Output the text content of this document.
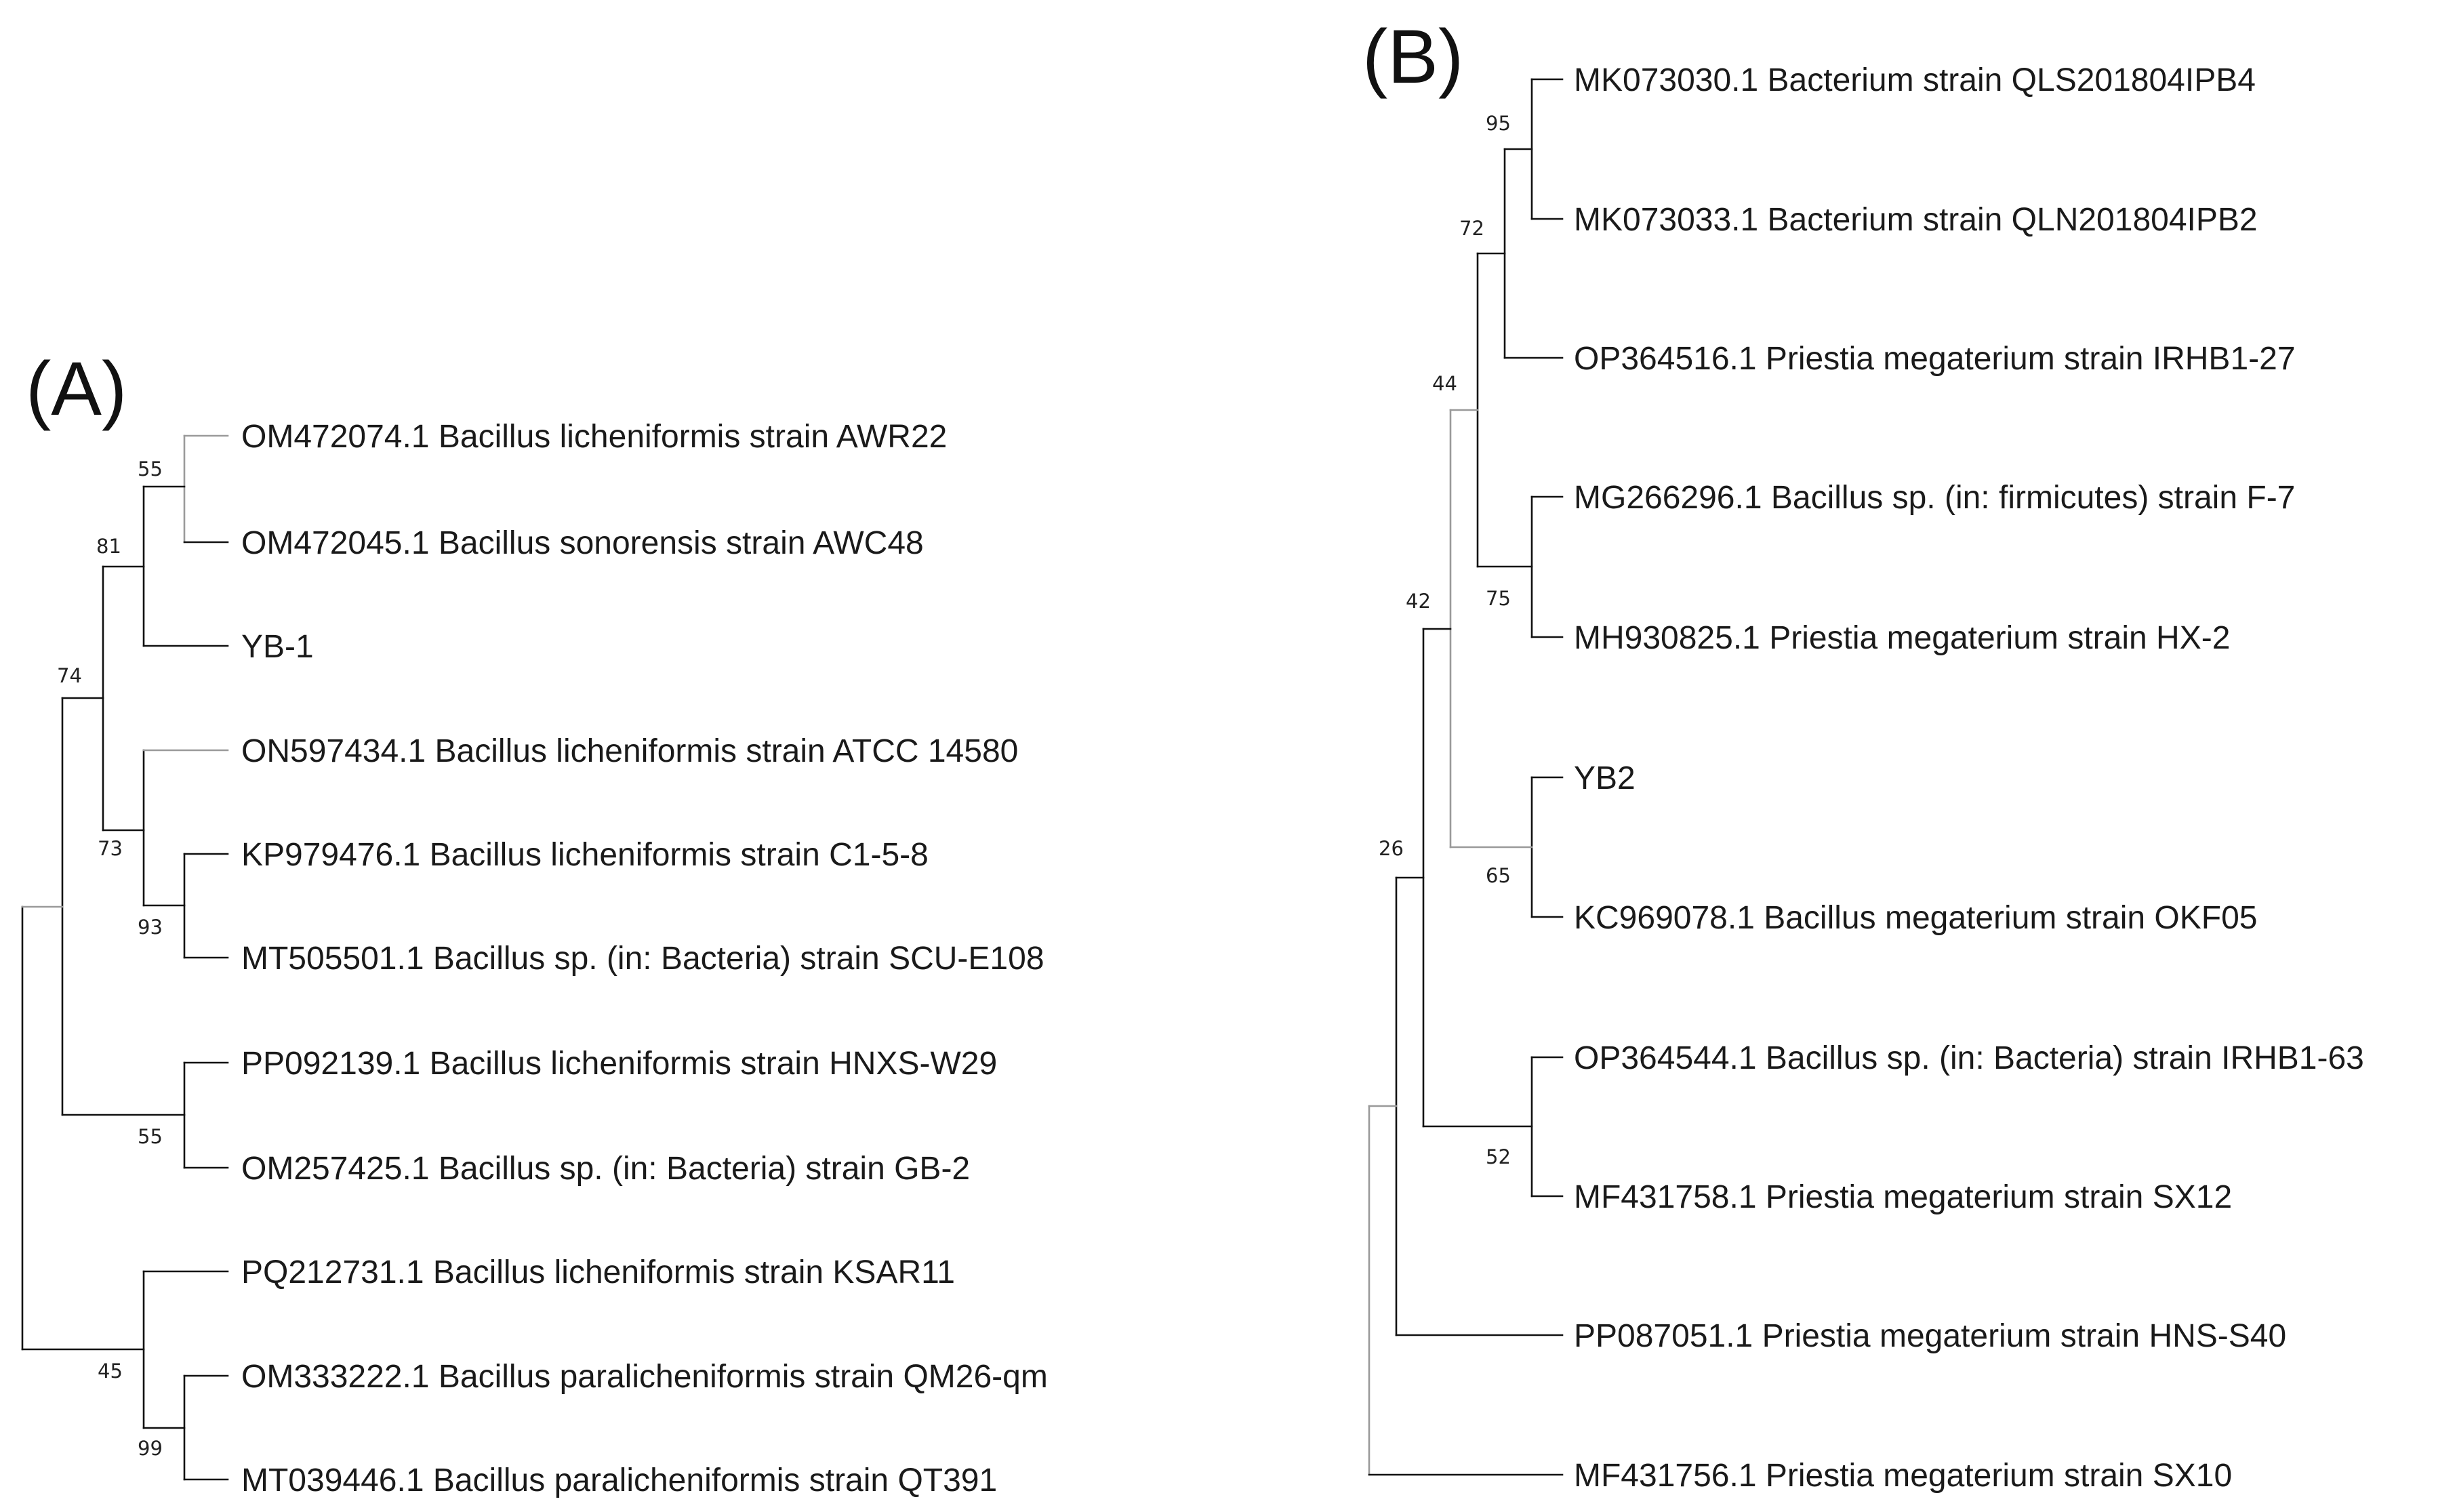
(A)
OM472074.1 Bacillus licheniformis strain AWR22
OM472045.1 Bacillus sonorensis strain AWC48
YB-1
ON597434.1 Bacillus licheniformis strain ATCC 14580
KP979476.1 Bacillus licheniformis strain C1-5-8
MT505501.1 Bacillus sp. (in: Bacteria) strain SCU-E108
PP092139.1 Bacillus licheniformis strain HNXS-W29
OM257425.1 Bacillus sp. (in: Bacteria) strain GB-2
PQ212731.1 Bacillus licheniformis strain KSAR11
OM333222.1 Bacillus paralicheniformis strain QM26-qm
MT039446.1 Bacillus paralicheniformis strain QT391
55
81
74
73
93
55
45
99
(B)	MK073030.1 Bacterium strain QLS201804IPB4
MK073033.1 Bacterium strain QLN201804IPB2
OP364516.1 Priestia megaterium strain IRHB1-27
MG266296.1 Bacillus sp. (in: firmicutes) strain F-7
MH930825.1 Priestia megaterium strain HX-2
YB2
KC969078.1 Bacillus megaterium strain OKF05
OP364544.1 Bacillus sp. (in: Bacteria) strain IRHB1-63
MF431758.1 Priestia megaterium strain SX12
PP087051.1 Priestia megaterium strain HNS-S40
MF431756.1 Priestia megaterium strain SX10
95
72
44
75
42
65
26
52
